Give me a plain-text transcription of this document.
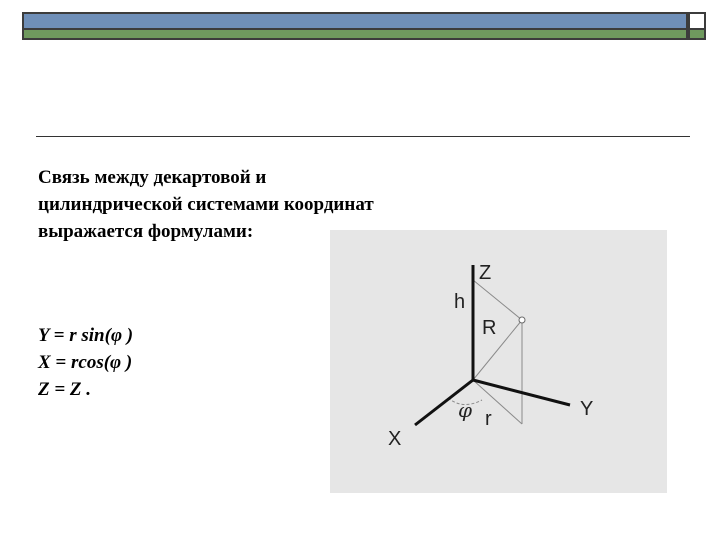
Связь между декартовой и
цилиндрической системами координат
выражается формулами:
Y = r sin(φ )
X = rcos(φ )
Z = Z .
Z
h
R
Y
φ r
X
